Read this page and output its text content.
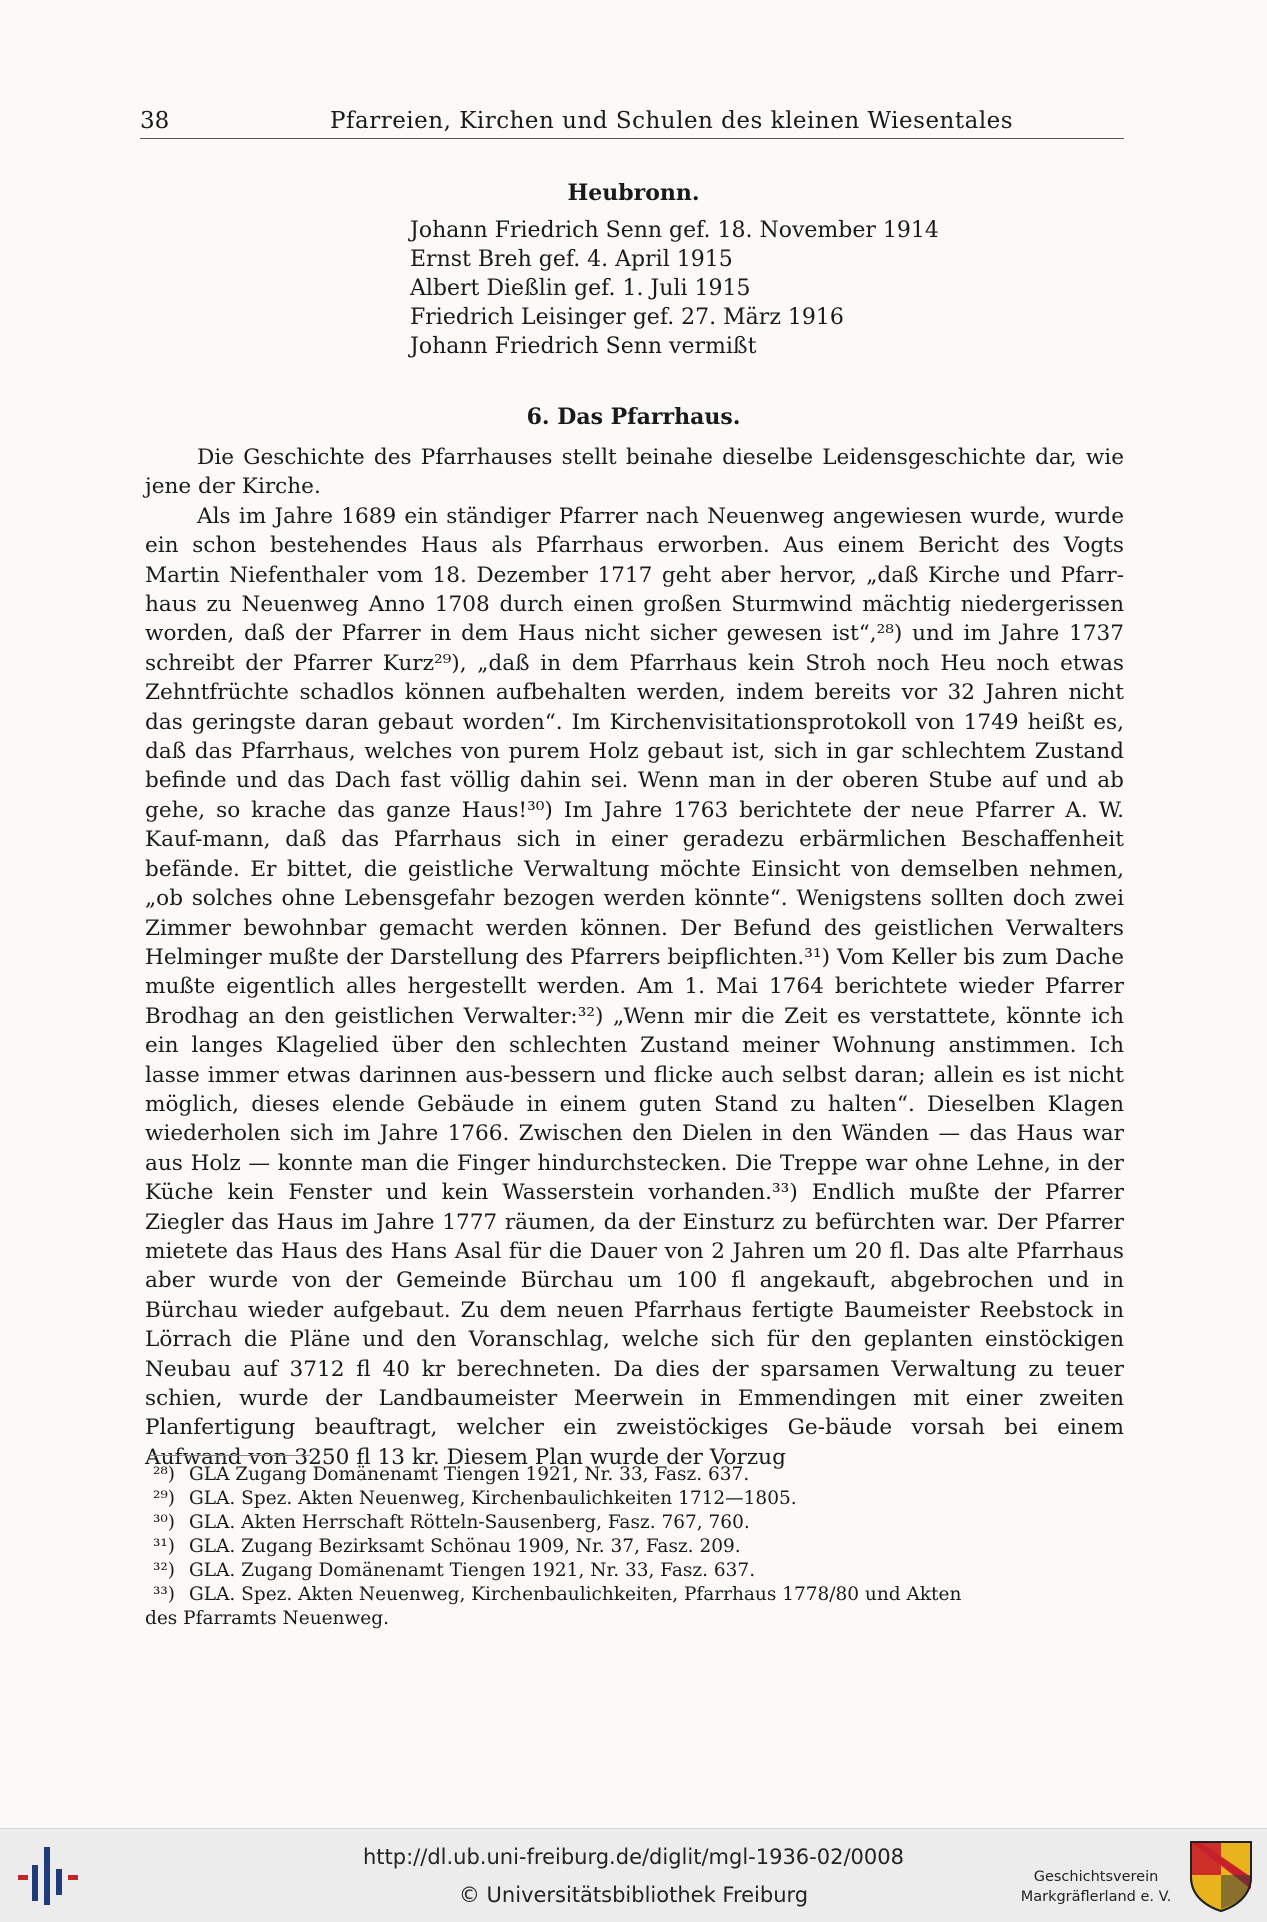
38	Pfarreien, Kirchen und Schulen des kleinen Wiesentales
Heubronn.
Johann Friedrich Senn gef. 18. November 1914
Ernst Breh gef. 4. April 1915
Albert Dießlin gef. 1. Juli 1915
Friedrich Leisinger gef. 27. März 1916
Johann Friedrich Senn vermißt
6. Das Pfarrhaus.

Die Geschichte des Pfarrhauses stellt beinahe dieselbe Leidensgeschichte dar, wie jene der Kirche.

Als im Jahre 1689 ein ständiger Pfarrer nach Neuenweg angewiesen wurde, wurde ein schon bestehendes Haus als Pfarrhaus erworben. Aus einem Bericht des Vogts Martin Niefenthaler vom 18. Dezember 1717 geht aber hervor, „daß Kirche und Pfarr-haus zu Neuenweg Anno 1708 durch einen großen Sturmwind mächtig niedergerissen worden, daß der Pfarrer in dem Haus nicht sicher gewesen ist“,²⁸) und im Jahre 1737 schreibt der Pfarrer Kurz²⁹), „daß in dem Pfarrhaus kein Stroh noch Heu noch etwas Zehntfrüchte schadlos können aufbehalten werden, indem bereits vor 32 Jahren nicht das geringste daran gebaut worden“. Im Kirchenvisitationsprotokoll von 1749 heißt es, daß das Pfarrhaus, welches von purem Holz gebaut ist, sich in gar schlechtem Zustand befinde und das Dach fast völlig dahin sei. Wenn man in der oberen Stube auf und ab gehe, so krache das ganze Haus!³⁰) Im Jahre 1763 berichtete der neue Pfarrer A. W. Kauf-mann, daß das Pfarrhaus sich in einer geradezu erbärmlichen Beschaffenheit befände. Er bittet, die geistliche Verwaltung möchte Einsicht von demselben nehmen, „ob solches ohne Lebensgefahr bezogen werden könnte“. Wenigstens sollten doch zwei Zimmer bewohnbar gemacht werden können. Der Befund des geistlichen Verwalters Helminger mußte der Darstellung des Pfarrers beipflichten.³¹) Vom Keller bis zum Dache mußte eigentlich alles hergestellt werden. Am 1. Mai 1764 berichtete wieder Pfarrer Brodhag an den geistlichen Verwalter:³²) „Wenn mir die Zeit es verstattete, könnte ich ein langes Klagelied über den schlechten Zustand meiner Wohnung anstimmen. Ich lasse immer etwas darinnen aus-bessern und flicke auch selbst daran; allein es ist nicht möglich, dieses elende Gebäude in einem guten Stand zu halten“. Dieselben Klagen wiederholen sich im Jahre 1766. Zwischen den Dielen in den Wänden — das Haus war aus Holz — konnte man die Finger hindurchstecken. Die Treppe war ohne Lehne, in der Küche kein Fenster und kein Wasserstein vorhanden.³³) Endlich mußte der Pfarrer Ziegler das Haus im Jahre 1777 räumen, da der Einsturz zu befürchten war. Der Pfarrer mietete das Haus des Hans Asal für die Dauer von 2 Jahren um 20 fl. Das alte Pfarrhaus aber wurde von der Gemeinde Bürchau um 100 fl angekauft, abgebrochen und in Bürchau wieder aufgebaut. Zu dem neuen Pfarrhaus fertigte Baumeister Reebstock in Lörrach die Pläne und den Voranschlag, welche sich für den geplanten einstöckigen Neubau auf 3712 fl 40 kr berechneten. Da dies der sparsamen Verwaltung zu teuer schien, wurde der Landbaumeister Meerwein in Emmendingen mit einer zweiten Planfertigung beauftragt, welcher ein zweistöckiges Ge-bäude vorsah bei einem Aufwand von 3250 fl 13 kr. Diesem Plan wurde der Vorzug

²⁸) GLA Zugang Domänenamt Tiengen 1921, Nr. 33, Fasz. 637.
²⁹) GLA. Spez. Akten Neuenweg, Kirchenbaulichkeiten 1712—1805.
³⁰) GLA. Akten Herrschaft Rötteln-Sausenberg, Fasz. 767, 760.
³¹) GLA. Zugang Bezirksamt Schönau 1909, Nr. 37, Fasz. 209.
³²) GLA. Zugang Domänenamt Tiengen 1921, Nr. 33, Fasz. 637.
³³) GLA. Spez. Akten Neuenweg, Kirchenbaulichkeiten, Pfarrhaus 1778/80 und Akten
des Pfarramts Neuenweg.
http://dl.ub.uni-freiburg.de/diglit/mgl-1936-02/0008
© Universitätsbibliothek Freiburg
Geschichtsverein
Markgräflerland e. V.
